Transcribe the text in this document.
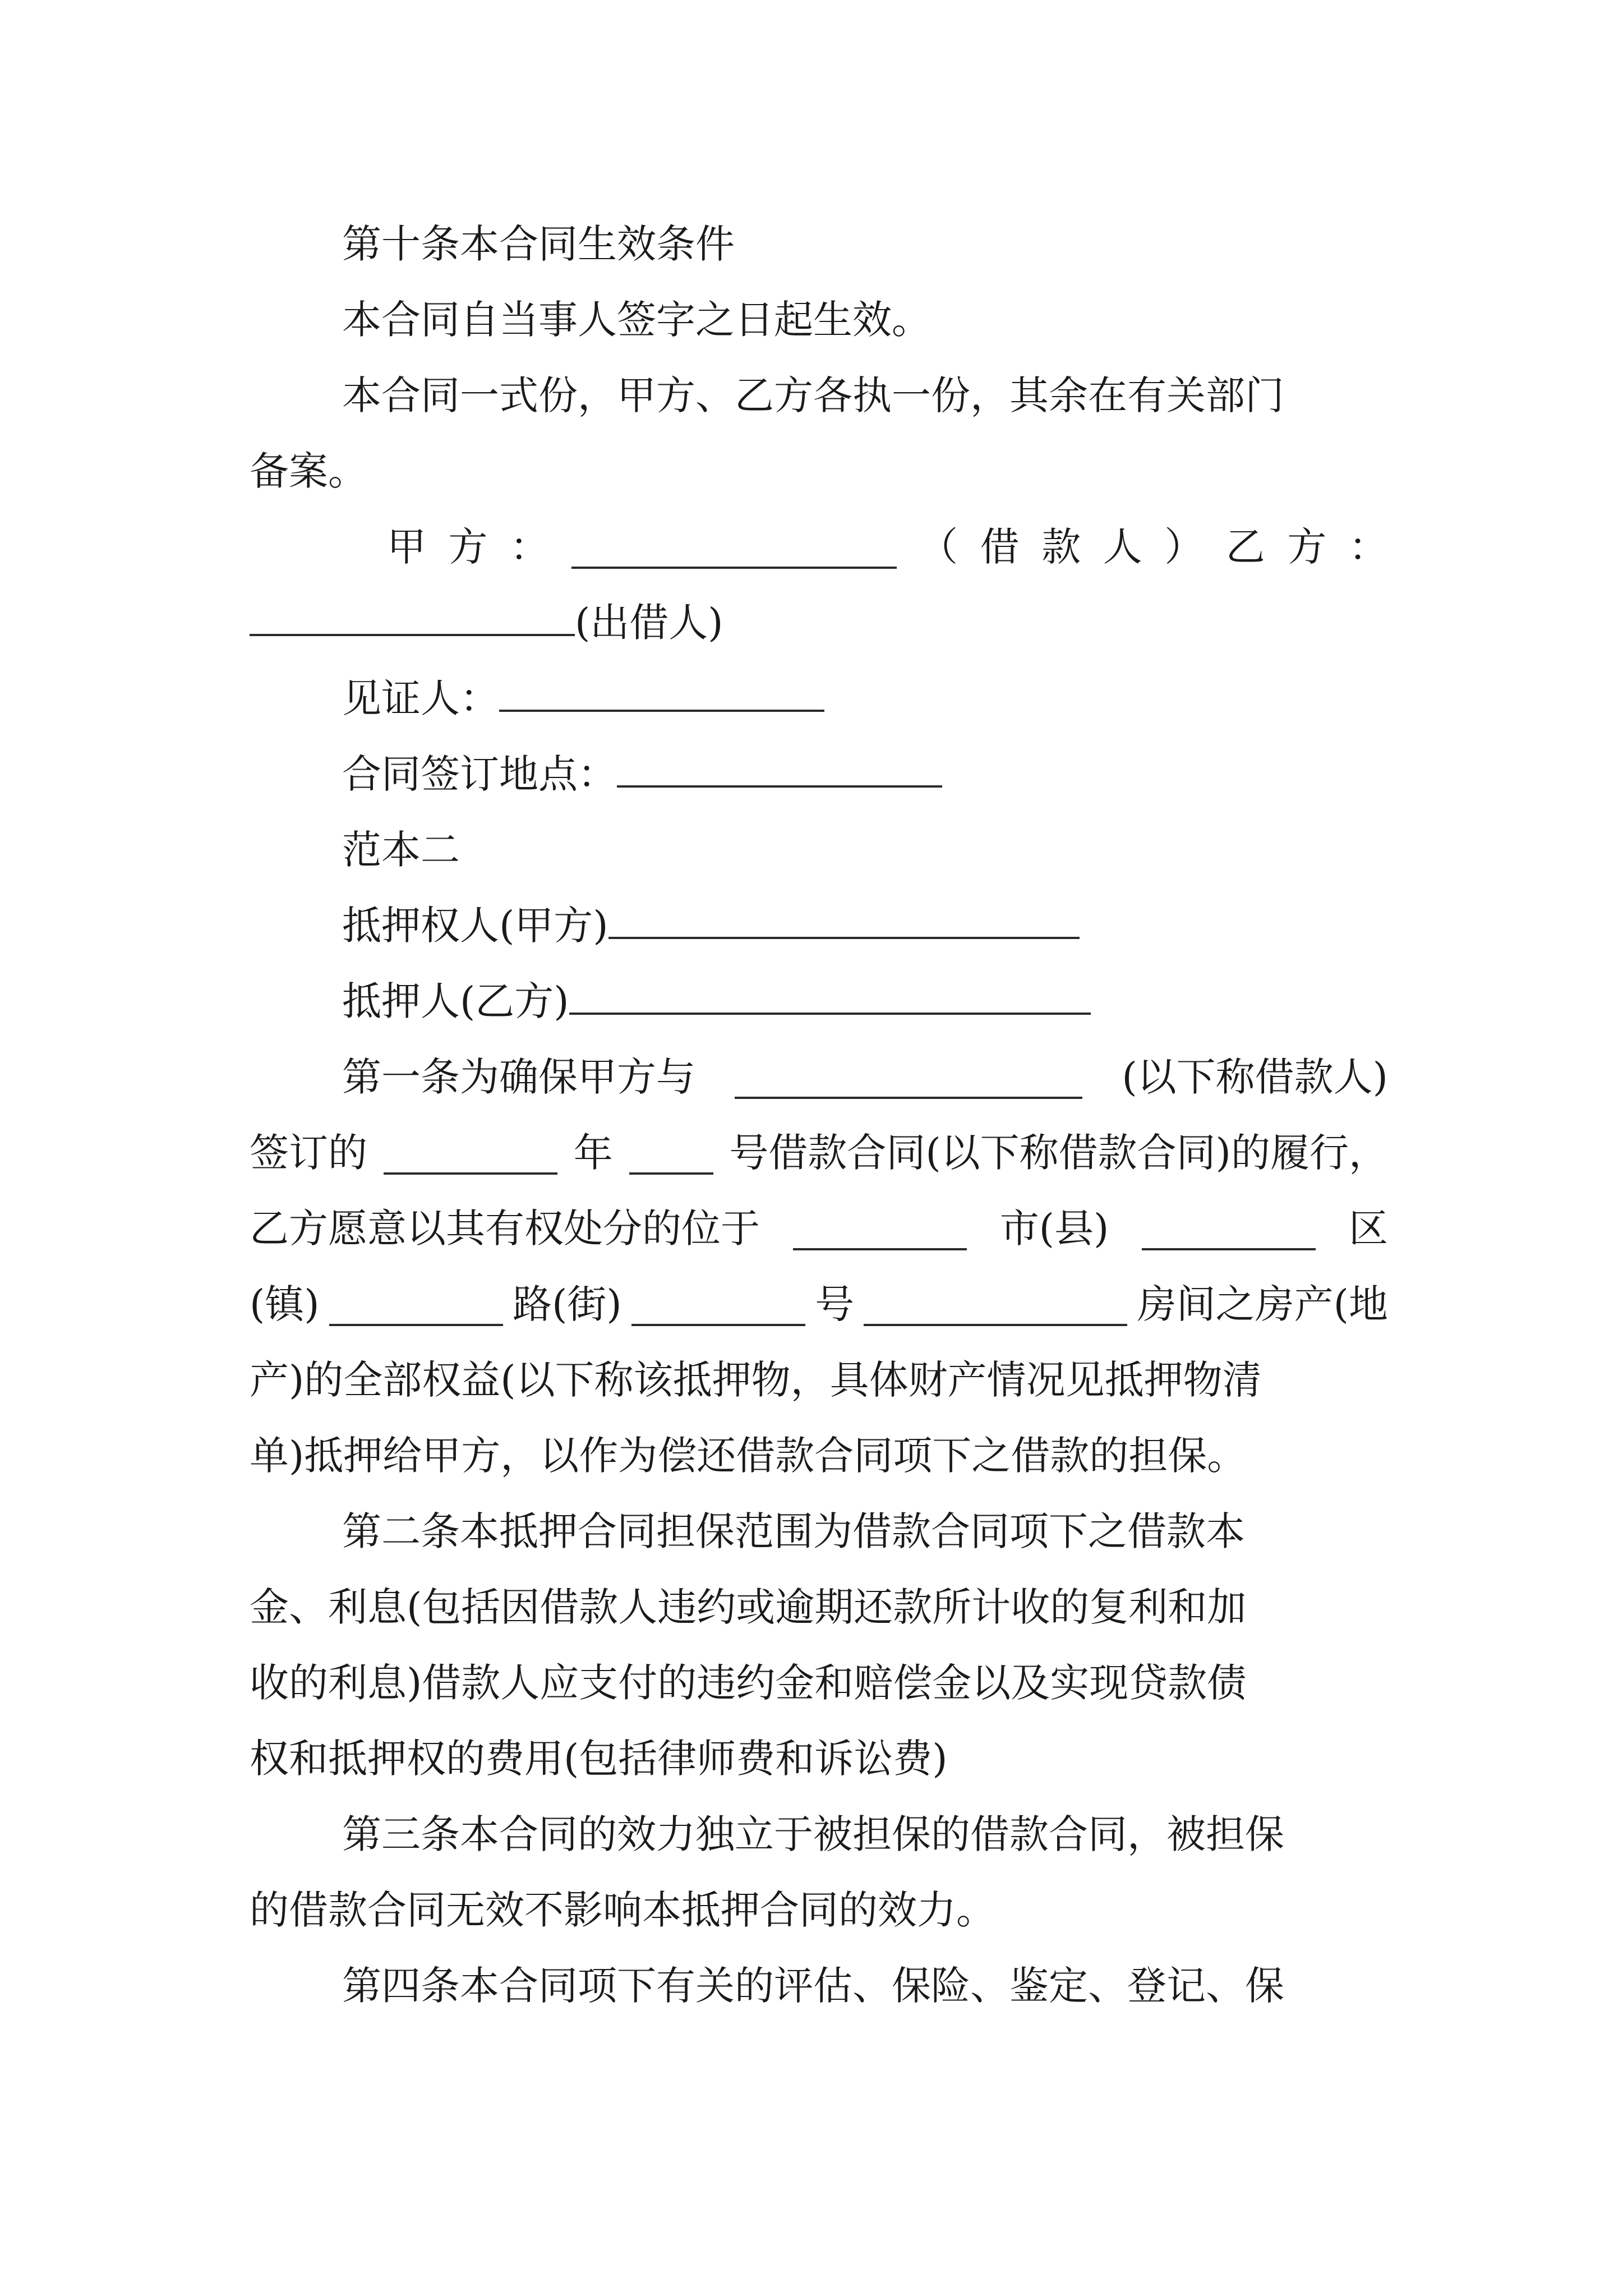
第十条本合同生效条件
本合同自当事人签字之日起生效。
本合同一式份，甲方、乙方各执一份，其余在有关部门
备案。
甲 方 ：	（ 借 款 人 ） 乙 方 ：
(出借人)
见证人：
合同签订地点：
范本二
抵押权人(甲方)
抵押人(乙方)
第一条为确保甲方与	(以下称借款人)
签订的	年	号借款合同(以下称借款合同)的履行，
乙方愿意以其有权处分的位于	市(县)	区
(镇)	路(街)	号	房间之房产(地
产)的全部权益(以下称该抵押物，具体财产情况见抵押物清
单)抵押给甲方，以作为偿还借款合同项下之借款的担保。
第二条本抵押合同担保范围为借款合同项下之借款本
金、利息(包括因借款人违约或逾期还款所计收的复利和加
收的利息)借款人应支付的违约金和赔偿金以及实现贷款债
权和抵押权的费用(包括律师费和诉讼费)
第三条本合同的效力独立于被担保的借款合同，被担保
的借款合同无效不影响本抵押合同的效力。
第四条本合同项下有关的评估、保险、鉴定、登记、保
